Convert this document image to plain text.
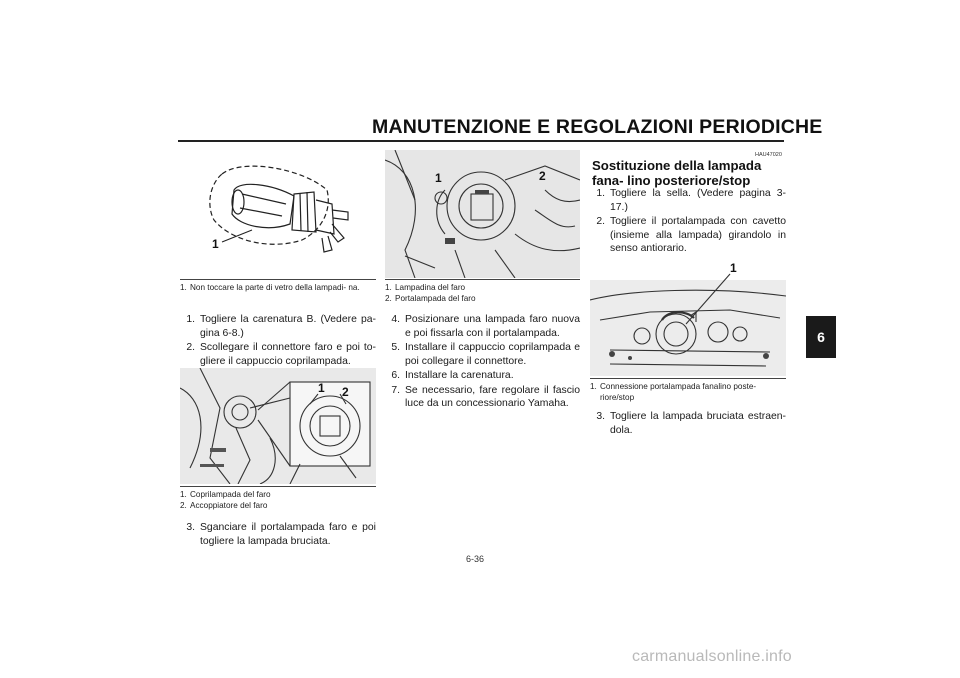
MANUTENZIONE E REGOLAZIONI PERIODICHE
6
1
1. Non toccare la parte di vetro della lampadi- na.
1. Togliere la carenatura B. (Vedere pa- gina 6-8.)
2. Scollegare il connettore faro e poi to- gliere il cappuccio coprilampada.
1 2
1. Coprilampada del faro
2. Accoppiatore del faro
3. Sganciare il portalampada faro e poi togliere la lampada bruciata.
1	2
1. Lampadina del faro
2. Portalampada del faro
4. Posizionare una lampada faro nuova e poi fissarla con il portalampada.
5. Installare il cappuccio coprilampada e poi collegare il connettore.
6. Installare la carenatura.
7. Se necessario, fare regolare il fascio luce da un concessionario Yamaha.
HAU47020
Sostituzione della lampada fana- lino posteriore/stop
1. Togliere la sella. (Vedere pagina 3-17.)
2. Togliere il portalampada con cavetto (insieme alla lampada) girandolo in senso antiorario.
1
1. Connessione portalampada fanalino poste- riore/stop
3. Togliere la lampada bruciata estraen- dola.
6-36
carmanualsonline.info
